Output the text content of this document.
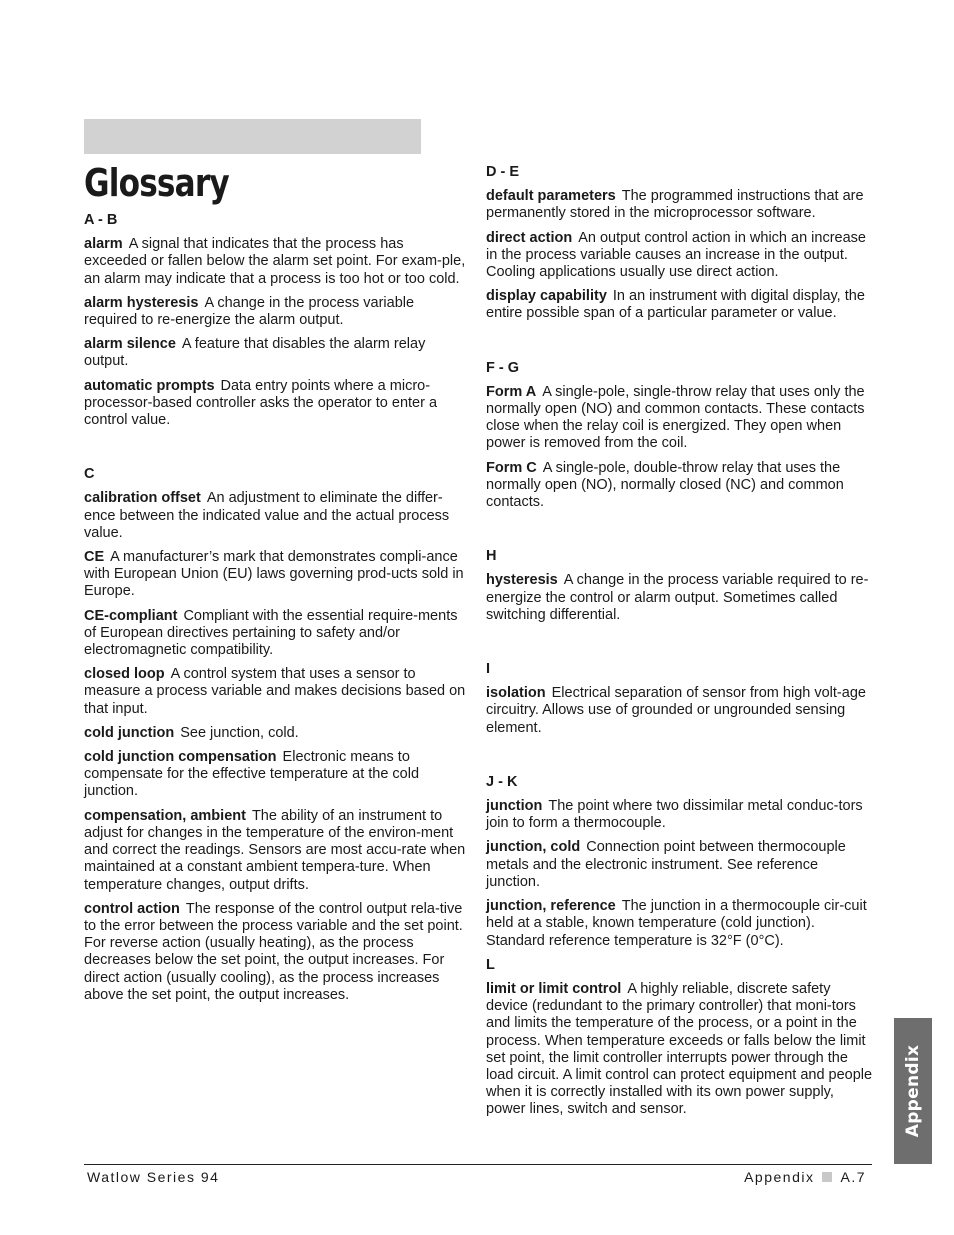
Glossary
A - B
alarm A signal that indicates that the process has exceeded or fallen below the alarm set point. For exam-ple, an alarm may indicate that a process is too hot or too cold.
alarm hysteresis A change in the process variable required to re-energize the alarm output.
alarm silence A feature that disables the alarm relay output.
automatic prompts Data entry points where a micro-processor-based controller asks the operator to enter a control value.
C
calibration offset An adjustment to eliminate the differ-ence between the indicated value and the actual process value.
CE A manufacturer’s mark that demonstrates compli-ance with European Union (EU) laws governing prod-ucts sold in Europe.
CE-compliant Compliant with the essential require-ments of European directives pertaining to safety and/or electromagnetic compatibility.
closed loop A control system that uses a sensor to measure a process variable and makes decisions based on that input.
cold junction See junction, cold.
cold junction compensation Electronic means to compensate for the effective temperature at the cold junction.
compensation, ambient The ability of an instrument to adjust for changes in the temperature of the environ-ment and correct the readings. Sensors are most accu-rate when maintained at a constant ambient tempera-ture. When temperature changes, output drifts.
control action The response of the control output rela-tive to the error between the process variable and the set point. For reverse action (usually heating), as the process decreases below the set point, the output increases. For direct action (usually cooling), as the process increases above the set point, the output increases.
D - E
default parameters The programmed instructions that are permanently stored in the microprocessor software.
direct action An output control action in which an increase in the process variable causes an increase in the output. Cooling applications usually use direct action.
display capability In an instrument with digital display, the entire possible span of a particular parameter or value.
F - G
Form A A single-pole, single-throw relay that uses only the normally open (NO) and common contacts. These contacts close when the relay coil is energized. They open when power is removed from the coil.
Form C A single-pole, double-throw relay that uses the normally open (NO), normally closed (NC) and common contacts.
H
hysteresis A change in the process variable required to re-energize the control or alarm output. Sometimes called switching differential.
I
isolation Electrical separation of sensor from high volt-age circuitry. Allows use of grounded or ungrounded sensing element.
J - K
junction The point where two dissimilar metal conduc-tors join to form a thermocouple.
junction, cold Connection point between thermocouple metals and the electronic instrument. See reference junction.
junction, reference The junction in a thermocouple cir-cuit held at a stable, known temperature (cold junction). Standard reference temperature is 32°F (0°C).
L
limit or limit control A highly reliable, discrete safety device (redundant to the primary controller) that moni-tors and limits the temperature of the process, or a point in the process. When temperature exceeds or falls below the limit set point, the limit controller interrupts power through the load circuit. A limit control can protect equipment and people when it is correctly installed with its own power supply, power lines, switch and sensor.	Appendix
Watlow Series 94	Appendix A.7
